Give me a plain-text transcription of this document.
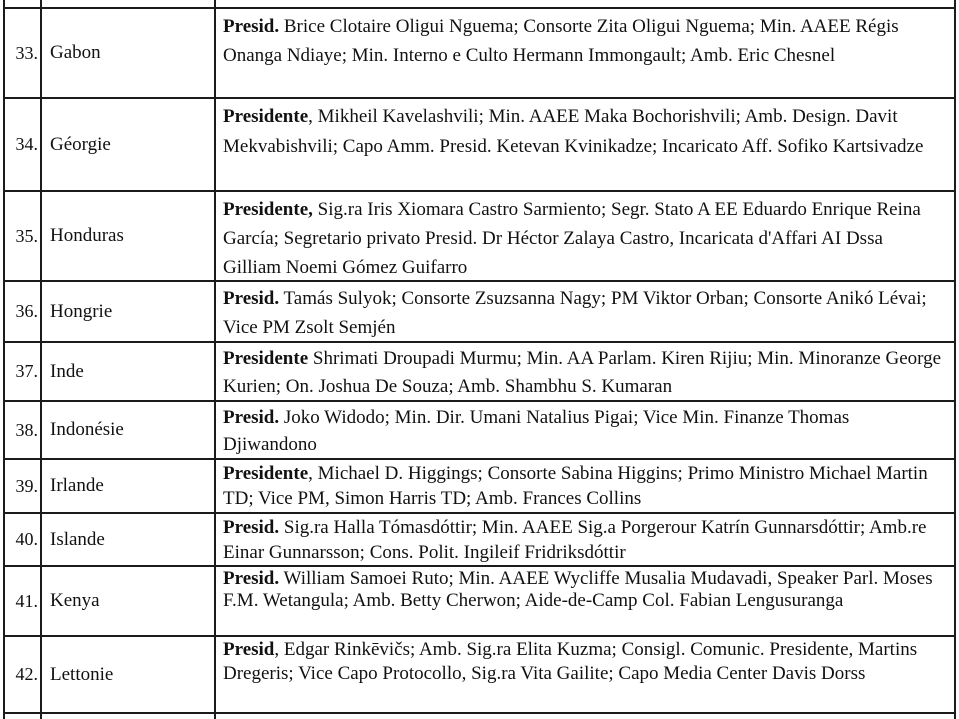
33. Gabon
Presid. Brice Clotaire Oligui Nguema; Consorte Zita Oligui Nguema; Min. AAEE Régis Onanga Ndiaye; Min. Interno e Culto Hermann Immongault; Amb. Eric Chesnel
34. Géorgie
Presidente, Mikheil Kavelashvili; Min. AAEE Maka Bochorishvili; Amb. Design. Davit Mekvabishvili; Capo Amm. Presid. Ketevan Kvinikadze; Incaricato Aff. Sofiko Kartsivadze
35. Honduras
Presidente, Sig.ra Iris Xiomara Castro Sarmiento; Segr. Stato A EE Eduardo Enrique Reina García; Segretario privato Presid. Dr Héctor Zalaya Castro, Incaricata d'Affari AI Dssa Gilliam Noemi Gómez Guifarro
36. Hongrie
Presid. Tamás Sulyok; Consorte Zsuzsanna Nagy; PM Viktor Orban; Consorte Anikó Lévai; Vice PM Zsolt Semjén
37. Inde
Presidente Shrimati Droupadi Murmu; Min. AA Parlam. Kiren Rijiu; Min. Minoranze George Kurien; On. Joshua De Souza; Amb. Shambhu S. Kumaran
38. Indonésie
Presid. Joko Widodo; Min. Dir. Umani Natalius Pigai; Vice Min. Finanze Thomas Djiwandono
39. Irlande
Presidente, Michael D. Higgings; Consorte Sabina Higgins; Primo Ministro Michael Martin TD; Vice PM, Simon Harris TD; Amb. Frances Collins
40. Islande
Presid. Sig.ra Halla Tómasdóttir; Min. AAEE Sig.a Porgerour Katrín Gunnarsdóttir; Amb.re Einar Gunnarsson; Cons. Polit. Ingileif Fridriksdóttir
41. Kenya
Presid. William Samoei Ruto; Min. AAEE Wycliffe Musalia Mudavadi, Speaker Parl. Moses F.M. Wetangula; Amb. Betty Cherwon; Aide-de-Camp Col. Fabian Lengusuranga
42. Lettonie
Presid, Edgar Rinkēvičs; Amb. Sig.ra Elita Kuzma; Consigl. Comunic. Presidente, Martins Dregeris; Vice Capo Protocollo, Sig.ra Vita Gailite; Capo Media Center Davis Dorss
